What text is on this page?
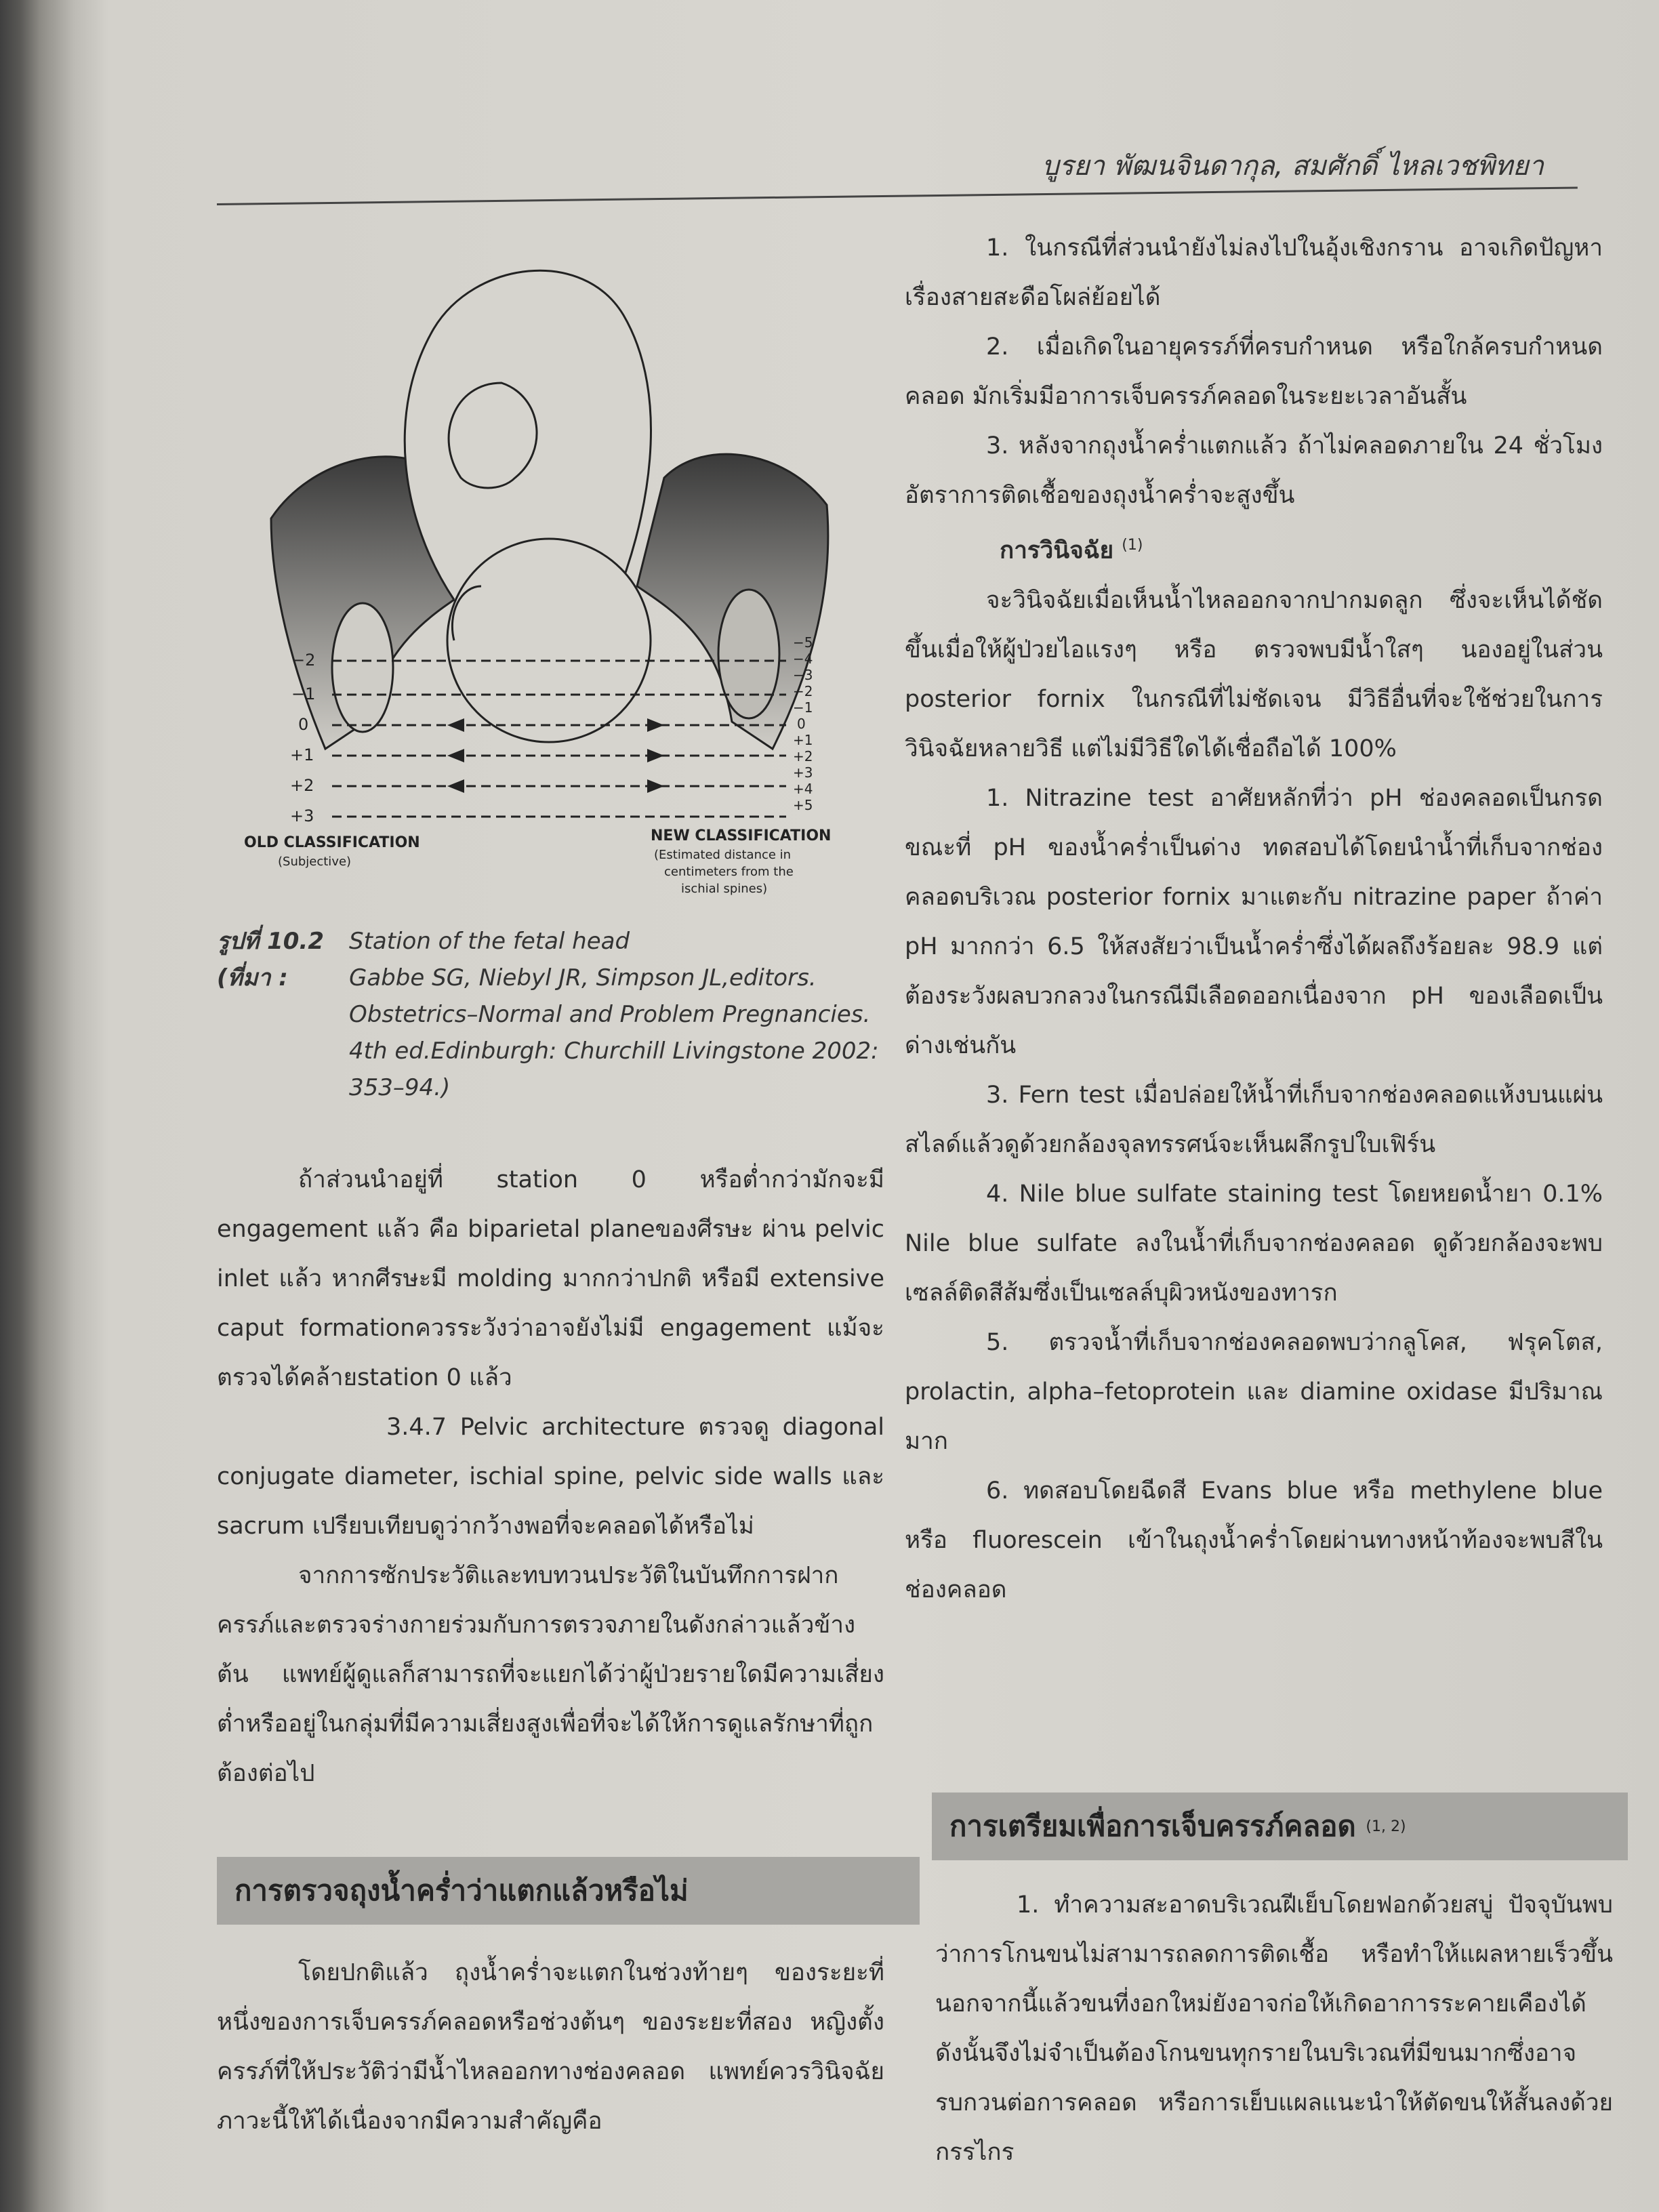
บูรยา พัฒนจินดากุล, สมศักดิ์ ไหลเวชพิทยา
−2
−1
0
+1
+2
+3
−5
−4
−3
−2
−1
0
+1
+2
+3
+4
+5
OLD CLASSIFICATION
(Subjective)
NEW CLASSIFICATION
(Estimated distance in
centimeters from the
ischial spines)
รูปที่ 10.2	Station of the fetal head
(ที่มา :	Gabbe SG, Niebyl JR, Simpson JL,editors.
Obstetrics–Normal and Problem Pregnancies.
4th ed.Edinburgh: Churchill Livingstone 2002:
353–94.)

ถ้าส่วนนำอยู่ที่ station 0 หรือต่ำกว่ามักจะมี engagement แล้ว คือ biparietal planeของศีรษะ ผ่าน pelvic inlet แล้ว หากศีรษะมี molding มากกว่าปกติ หรือมี extensive caput formationควรระวังว่าอาจยังไม่มี engagement แม้จะตรวจได้คล้ายstation 0 แล้ว

3.4.7 Pelvic architecture ตรวจดู diagonal conjugate diameter, ischial spine, pelvic side walls และ sacrum เปรียบเทียบดูว่ากว้างพอที่จะคลอดได้หรือไม่

จากการซักประวัติและทบทวนประวัติในบันทึกการฝากครรภ์และตรวจร่างกายร่วมกับการตรวจภายในดังกล่าวแล้วข้างต้น แพทย์ผู้ดูแลก็สามารถที่จะแยกได้ว่าผู้ป่วยรายใดมีความเสี่ยงต่ำหรืออยู่ในกลุ่มที่มีความเสี่ยงสูงเพื่อที่จะได้ให้การดูแลรักษาที่ถูกต้องต่อไป

การตรวจถุงน้ำคร่ำว่าแตกแล้วหรือไม่

โดยปกติแล้ว ถุงน้ำคร่ำจะแตกในช่วงท้ายๆ ของระยะที่หนึ่งของการเจ็บครรภ์คลอดหรือช่วงต้นๆ ของระยะที่สอง หญิงตั้งครรภ์ที่ให้ประวัติว่ามีน้ำไหลออกทางช่องคลอด แพทย์ควรวินิจฉัยภาวะนี้ให้ได้เนื่องจากมีความสำคัญคือ

1. ในกรณีที่ส่วนนำยังไม่ลงไปในอุ้งเชิงกราน อาจเกิดปัญหาเรื่องสายสะดือโผล่ย้อยได้

2. เมื่อเกิดในอายุครรภ์ที่ครบกำหนด หรือใกล้ครบกำหนดคลอด มักเริ่มมีอาการเจ็บครรภ์คลอดในระยะเวลาอันสั้น

3. หลังจากถุงน้ำคร่ำแตกแล้ว ถ้าไม่คลอดภายใน 24 ชั่วโมง อัตราการติดเชื้อของถุงน้ำคร่ำจะสูงขึ้น

การวินิจฉัย $^{(1)}$

จะวินิจฉัยเมื่อเห็นน้ำไหลออกจากปากมดลูก ซึ่งจะเห็นได้ชัดขึ้นเมื่อให้ผู้ป่วยไอแรงๆ หรือ ตรวจพบมีน้ำใสๆ นองอยู่ในส่วน posterior fornix ในกรณีที่ไม่ชัดเจน มีวิธีอื่นที่จะใช้ช่วยในการวินิจฉัยหลายวิธี แต่ไม่มีวิธีใดได้เชื่อถือได้ 100%

1. Nitrazine test อาศัยหลักที่ว่า pH ช่องคลอดเป็นกรด ขณะที่ pH ของน้ำคร่ำเป็นด่าง ทดสอบได้โดยนำน้ำที่เก็บจากช่องคลอดบริเวณ posterior fornix มาแตะกับ nitrazine paper ถ้าค่า pH มากกว่า 6.5 ให้สงสัยว่าเป็นน้ำคร่ำซึ่งได้ผลถึงร้อยละ 98.9 แต่ต้องระวังผลบวกลวงในกรณีมีเลือดออกเนื่องจาก pH ของเลือดเป็นด่างเช่นกัน

3. Fern test เมื่อปล่อยให้น้ำที่เก็บจากช่องคลอดแห้งบนแผ่นสไลด์แล้วดูด้วยกล้องจุลทรรศน์จะเห็นผลึกรูปใบเฟิร์น

4. Nile blue sulfate staining test โดยหยดน้ำยา 0.1% Nile blue sulfate ลงในน้ำที่เก็บจากช่องคลอด ดูด้วยกล้องจะพบเซลล์ติดสีส้มซึ่งเป็นเซลล์บุผิวหนังของทารก

5. ตรวจน้ำที่เก็บจากช่องคลอดพบว่ากลูโคส, ฟรุคโตส, prolactin, alpha–fetoprotein และ diamine oxidase มีปริมาณมาก

6. ทดสอบโดยฉีดสี Evans blue หรือ methylene blue หรือ fluorescein เข้าในถุงน้ำคร่ำโดยผ่านทางหน้าท้องจะพบสีในช่องคลอด

การเตรียมเพื่อการเจ็บครรภ์คลอด
(1, 2)

1. ทำความสะอาดบริเวณฝีเย็บโดยฟอกด้วยสบู่ ปัจจุบันพบว่าการโกนขนไม่สามารถลดการติดเชื้อ หรือทำให้แผลหายเร็วขึ้น นอกจากนี้แล้วขนที่งอกใหม่ยังอาจก่อให้เกิดอาการระคายเคืองได้ ดังนั้นจึงไม่จำเป็นต้องโกนขนทุกรายในบริเวณที่มีขนมากซึ่งอาจรบกวนต่อการคลอด หรือการเย็บแผลแนะนำให้ตัดขนให้สั้นลงด้วยกรรไกร
